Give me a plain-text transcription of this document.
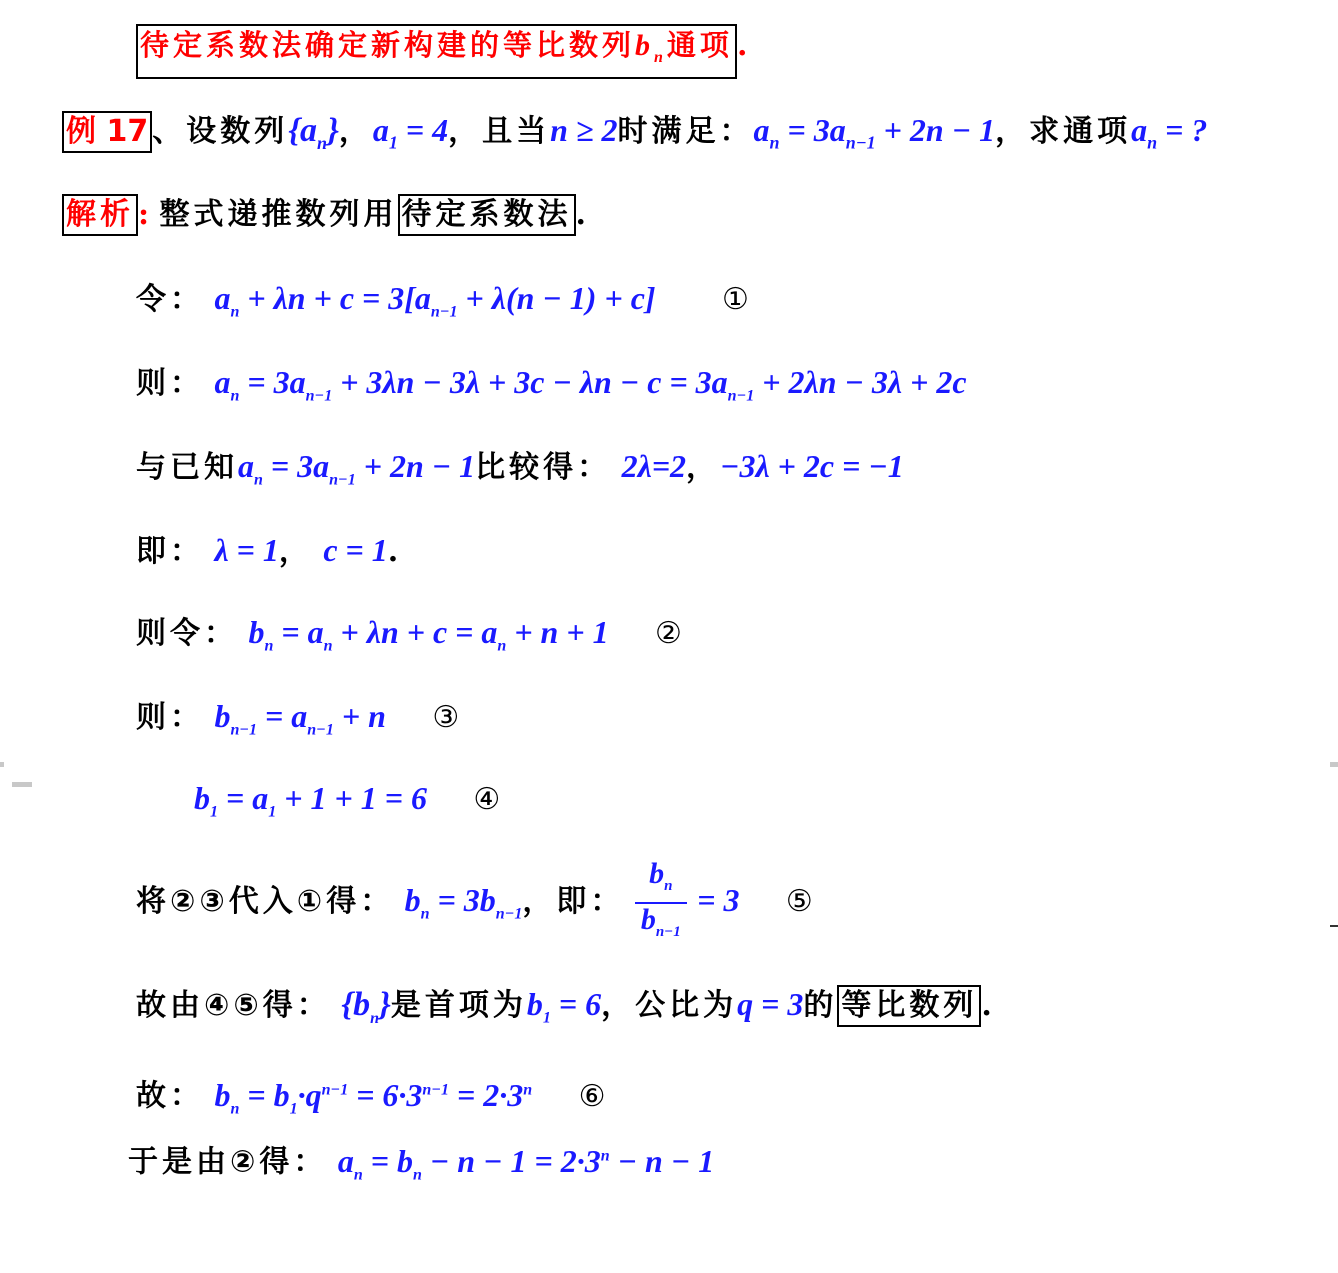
待定系数法确定新构建的等比数列$b_n$通项 .
例 17 、设数列$\{a_n\}$，$a_1 = 4$，且当n ≥ 2时满足：$a_n = 3a_{n-1} + 2n - 1$，求通项$a_n$ = ?
解析 : 整式递推数列用 待定系数法 .
令： $a_n + \lambda n + c = 3[a_{n-1} + \lambda(n - 1) + c]$ ①
则： $a_n = 3a_{n-1} + 3\lambda n - 3\lambda + 3c - \lambda n - c = 3a_{n-1} + 2\lambda n - 3\lambda + 2c$
与已知$a_n = 3a_{n-1} + 2n - 1$比较得： 2λ=2，−3λ + 2c = −1
即： λ = 1， c = 1.
则令： $b_n = a_n + \lambda n + c = a_n + n + 1$ ②
则： $b_{n-1} = a_{n-1} + n$ ③
$b_1 = a_1 + 1 + 1 = 6$ ④
将②③代入①得： $b_n = 3b_{n-1}$，即： $\frac{b_n}{b_{n-1}} = 3$ ⑤
故由④⑤得： $\{b_n\}$是首项为$b_1 = 6$，公比为q = 3的 等比数列 .
故： $b_n = b_1\cdot q^{n-1} = 6\cdot 3^{n-1} = 2\cdot 3^n$ ⑥
于是由②得： $a_n = b_n - n - 1 = 2\cdot 3^n - n - 1$
